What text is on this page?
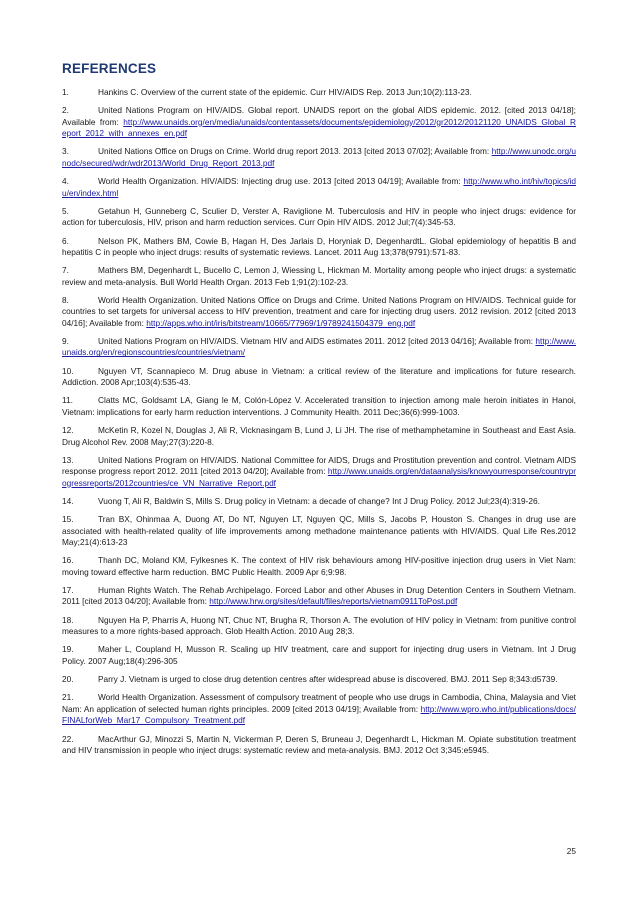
REFERENCES

1.	Hankins C. Overview of the current state of the epidemic. Curr HIV/AIDS Rep. 2013 Jun;10(2):113-23.

2.	United Nations Program on HIV/AIDS. Global report. UNAIDS report on the global AIDS epidemic. 2012. [cited 2013 04/18]; Available from: http://www.unaids.org/en/media/unaids/contentassets/documents/epidemiology/2012/gr2012/20121120_UNAIDS_Global_Report_2012_with_annexes_en.pdf

3.	United Nations Office on Drugs on Crime. World drug report 2013. 2013 [cited 2013 07/02]; Available from: http://www.unodc.org/unodc/secured/wdr/wdr2013/World_Drug_Report_2013.pdf

4.	World Health Organization. HIV/AIDS: Injecting drug use. 2013 [cited 2013 04/19]; Available from: http://www.who.int/hiv/topics/idu/en/index.html

5.	Getahun H, Gunneberg C, Sculier D, Verster A, Raviglione M. Tuberculosis and HIV in people who inject drugs: evidence for action for tuberculosis, HIV, prison and harm reduction services. Curr Opin HIV AIDS. 2012 Jul;7(4):345-53.

6.	Nelson PK, Mathers BM, Cowie B, Hagan H, Des Jarlais D, Horyniak D, DegenhardtL. Global epidemiology of hepatitis B and hepatitis C in people who inject drugs: results of systematic reviews. Lancet. 2011 Aug 13;378(9791):571-83.

7.	Mathers BM, Degenhardt L, Bucello C, Lemon J, Wiessing L, Hickman M. Mortality among people who inject drugs: a systematic review and meta-analysis. Bull World Health Organ. 2013 Feb 1;91(2):102-23.

8.	World Health Organization. United Nations Office on Drugs and Crime. United Nations Program on HIV/AIDS. Technical guide for countries to set targets for universal access to HIV prevention, treatment and care for injecting drug users. 2012 revision. 2012 [cited 2013 04/16]; Available from: http://apps.who.int/iris/bitstream/10665/77969/1/9789241504379_eng.pdf

9.	United Nations Program on HIV/AIDS. Vietnam HIV and AIDS estimates 2011. 2012 [cited 2013 04/16]; Available from: http://www.unaids.org/en/regionscountries/countries/vietnam/

10.	Nguyen VT, Scannapieco M. Drug abuse in Vietnam: a critical review of the literature and implications for future research. Addiction. 2008 Apr;103(4):535-43.

11.	Clatts MC, Goldsamt LA, Giang le M, Colón-López V. Accelerated transition to injection among male heroin initiates in Hanoi, Vietnam: implications for early harm reduction interventions. J Community Health. 2011 Dec;36(6):999-1003.

12.	McKetin R, Kozel N, Douglas J, Ali R, Vicknasingam B, Lund J, Li JH. The rise of methamphetamine in Southeast and East Asia. Drug Alcohol Rev. 2008 May;27(3):220-8.

13.	United Nations Program on HIV/AIDS. National Committee for AIDS, Drugs and Prostitution prevention and control. Vietnam AIDS response progress report 2012. 2011 [cited 2013 04/20]; Available from: http://www.unaids.org/en/dataanalysis/knowyourresponse/countryprogressreports/2012countries/ce_VN_Narrative_Report.pdf

14.	Vuong T, Ali R, Baldwin S, Mills S. Drug policy in Vietnam: a decade of change? Int J Drug Policy. 2012 Jul;23(4):319-26.

15.	Tran BX, Ohinmaa A, Duong AT, Do NT, Nguyen LT, Nguyen QC, Mills S, Jacobs P, Houston S. Changes in drug use are associated with health-related quality of life improvements among methadone maintenance patients with HIV/AIDS. Qual Life Res.2012 May;21(4):613-23

16.	Thanh DC, Moland KM, Fylkesnes K. The context of HIV risk behaviours among HIV-positive injection drug users in Viet Nam: moving toward effective harm reduction. BMC Public Health. 2009 Apr 6;9:98.

17.	Human Rights Watch. The Rehab Archipelago. Forced Labor and other Abuses in Drug Detention Centers in Southern Vietnam. 2011 [cited 2013 04/20]; Available from: http://www.hrw.org/sites/default/files/reports/vietnam0911ToPost.pdf

18.	Nguyen Ha P, Pharris A, Huong NT, Chuc NT, Brugha R, Thorson A. The evolution of HIV policy in Vietnam: from punitive control measures to a more rights-based approach. Glob Health Action. 2010 Aug 28;3.

19.	Maher L, Coupland H, Musson R. Scaling up HIV treatment, care and support for injecting drug users in Vietnam. Int J Drug Policy. 2007 Aug;18(4):296-305

20.	Parry J. Vietnam is urged to close drug detention centres after widespread abuse is discovered. BMJ. 2011 Sep 8;343:d5739.

21.	World Health Organization. Assessment of compulsory treatment of people who use drugs in Cambodia, China, Malaysia and Viet Nam: An application of selected human rights principles. 2009 [cited 2013 04/19]; Available from: http://www.wpro.who.int/publications/docs/FINALforWeb_Mar17_Compulsory_Treatment.pdf

22.	MacArthur GJ, Minozzi S, Martin N, Vickerman P, Deren S, Bruneau J, Degenhardt L, Hickman M. Opiate substitution treatment and HIV transmission in people who inject drugs: systematic review and meta-analysis. BMJ. 2012 Oct 3;345:e5945.

25
